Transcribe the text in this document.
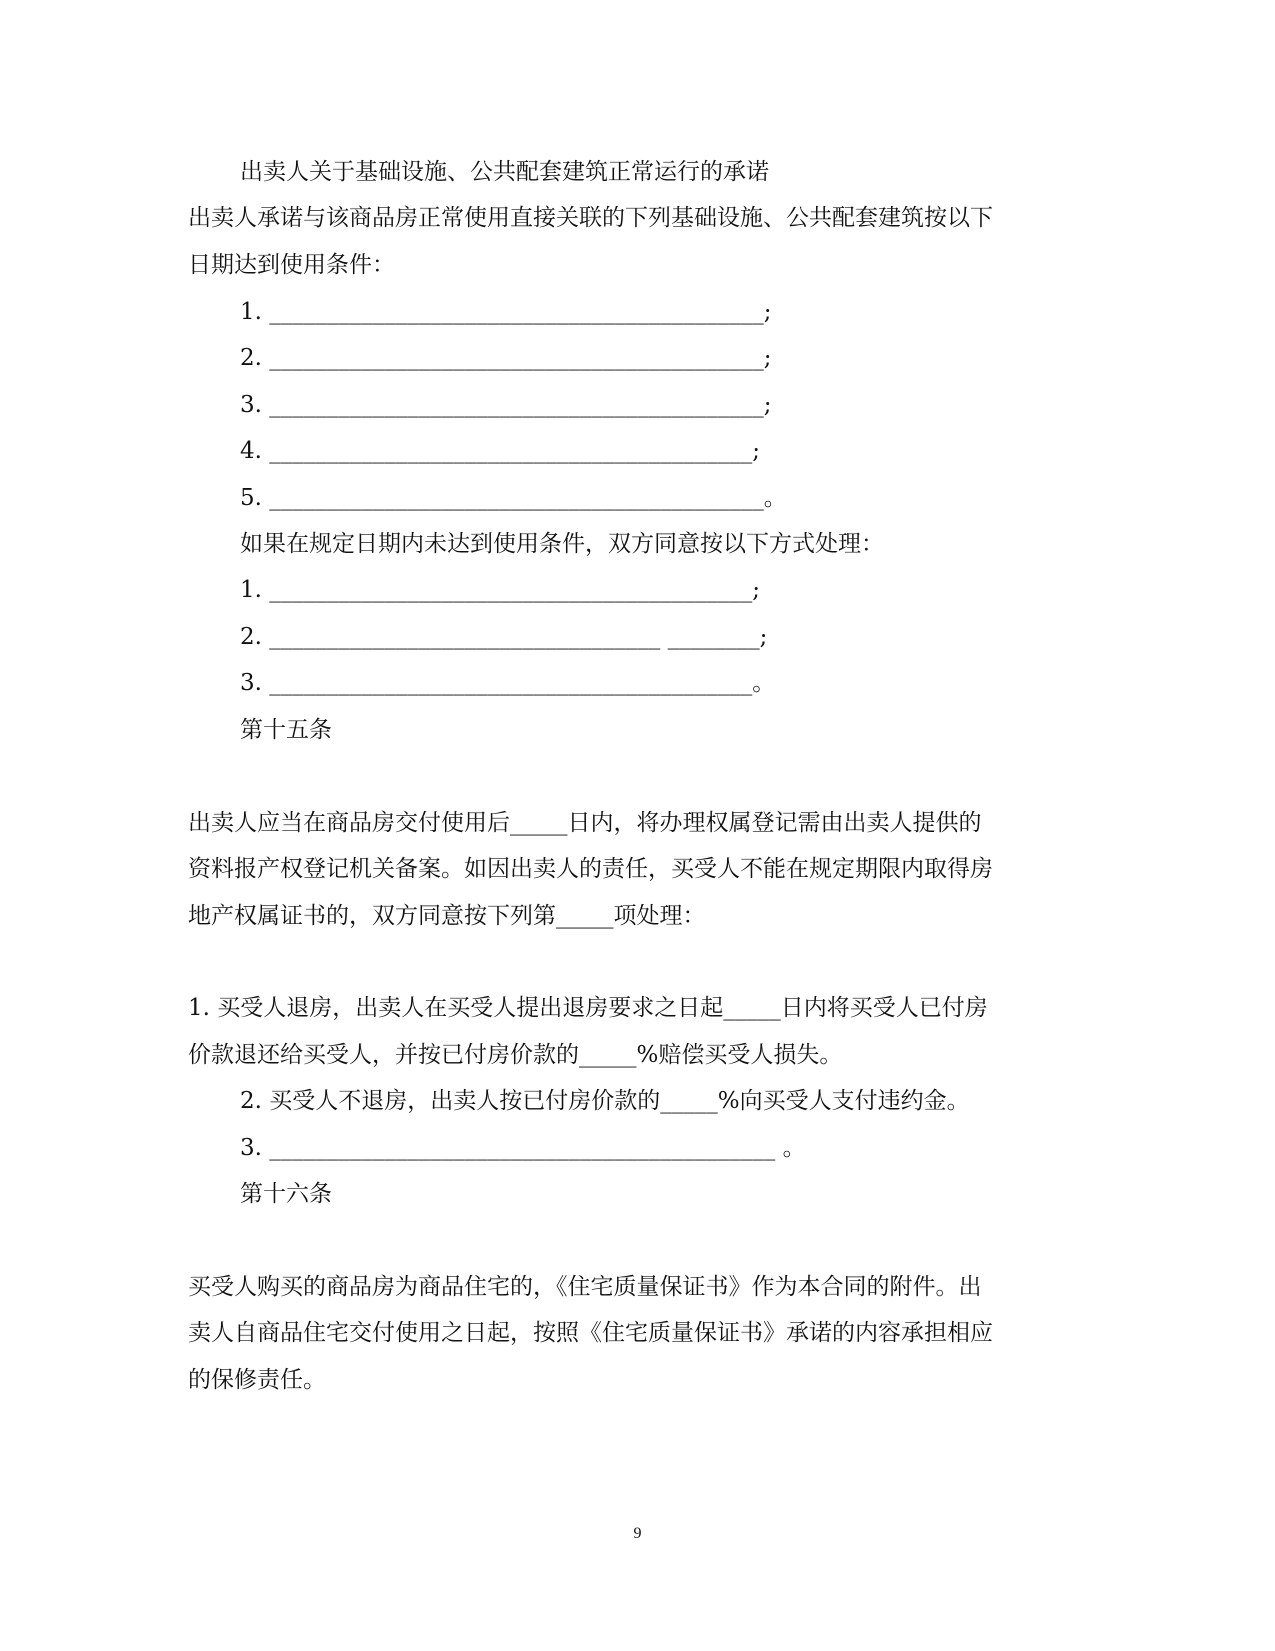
出卖人关于基础设施、公共配套建筑正常运行的承诺
出卖人承诺与该商品房正常使用直接关联的下列基础设施、公共配套建筑按以下
日期达到使用条件：
1. ___________________________________________;
2. ___________________________________________;
3. ___________________________________________;
4. __________________________________________;
5. ___________________________________________。
如果在规定日期内未达到使用条件，双方同意按以下方式处理：
1. __________________________________________;
2. __________________________________ ________;
3. __________________________________________。
第十五条
出卖人应当在商品房交付使用后_____日内，将办理权属登记需由出卖人提供的
资料报产权登记机关备案。如因出卖人的责任，买受人不能在规定期限内取得房
地产权属证书的，双方同意按下列第_____项处理：
1. 买受人退房，出卖人在买受人提出退房要求之日起_____日内将买受人已付房
价款退还给买受人，并按已付房价款的_____%赔偿买受人损失。
2. 买受人不退房，出卖人按已付房价款的_____%向买受人支付违约金。
3. ____________________________________________ 。
第十六条
买受人购买的商品房为商品住宅的，《住宅质量保证书》作为本合同的附件。出
卖人自商品住宅交付使用之日起，按照《住宅质量保证书》承诺的内容承担相应
的保修责任。
9
